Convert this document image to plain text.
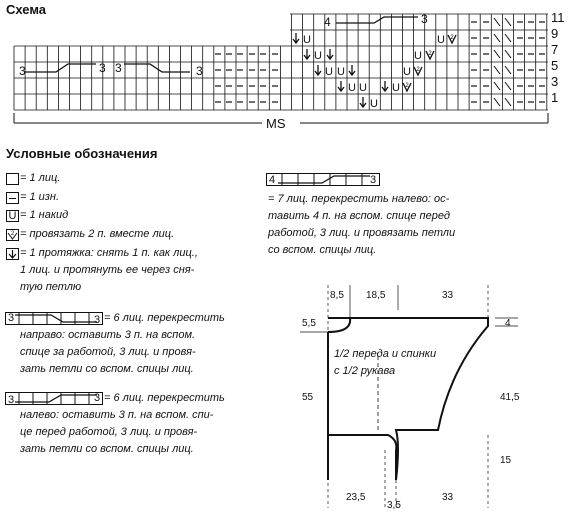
Схема
U
U
U
U
U
U
U U 2
U 2
U 2
U 2
MS
11
9
7
5
3
1
3	3 3	3
4	3
Условные обозначения
= 1 лиц.
= 1 изн.
U = 1 накид
2 = провязать 2 п. вместе лиц.
= 1 протяжка: снять 1 п. как лиц.,
1 лиц. и протянуть ее через сня-
тую петлю
3	3 = 6 лиц. перекрестить
направо: оставить 3 п. на вспом.
спице за работой, 3 лиц. и провя-
зать петли со вспом. спицы лиц.
3	3 = 6 лиц. перекрестить
налево: оставить 3 п. на вспом. спи-
це перед работой, 3 лиц. и провя-
зать петли со вспом. спицы лиц.
4	3
= 7 лиц. перекрестить налево: ос-
тавить 4 п. на вспом. спице перед
работой, 3 лиц. и провязать петли
со вспом. спицы лиц.
8,5 18,5	33
5,5	4
55	41,5
15
23,5
3,5
33
1/2 переда и спинки
с 1/2 рукава
